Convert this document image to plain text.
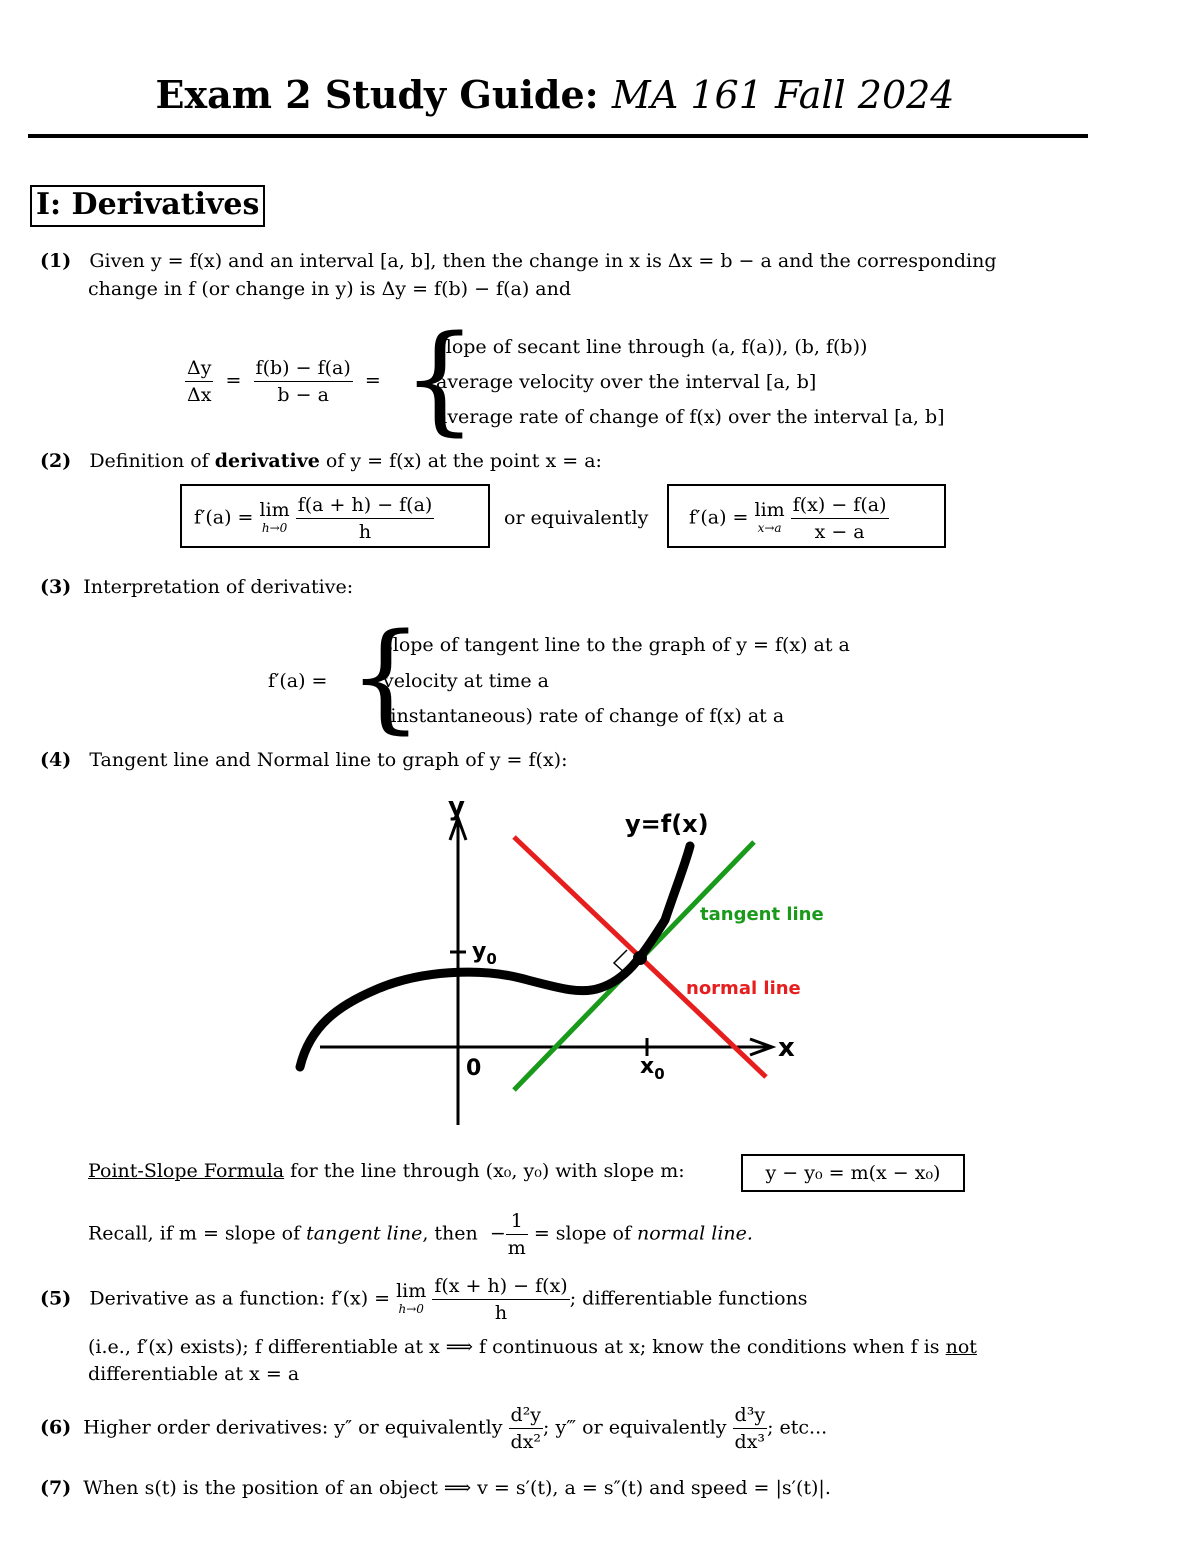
Exam 2 Study Guide: MA 161 Fall 2024
I: Derivatives
(1) Given y = f(x) and an interval [a, b], then the change in x is Δx = b − a and the corresponding
change in f (or change in y) is Δy = f(b) − f(a) and
$\frac{\Delta y}{\Delta x} = \frac{f(b) - f(a)}{b - a}$ = {
slope of secant line through (a, f(a)), (b, f(b))
average velocity over the interval [a, b]
average rate of change of f(x) over the interval [a, b]
(2) Definition of derivative of y = f(x) at the point x = a:
f′(a) = lim
h→0
$\frac{f(a + h) - f(a)}{h}$	or equivalently f′(a) = lim
x→a
$\frac{f(x) - f(a)}{x - a}$
(3) Interpretation of derivative:
f′(a) = {
slope of tangent line to the graph of y = f(x) at a
velocity at time a
(instantaneous) rate of change of f(x) at a
(4) Tangent line and Normal line to graph of y = f(x):
y
x
y=f(x)
tangent line
normal line
0
$y_0$
$x_0$
Point-Slope Formula for the line through (x₀, y₀) with slope m:	y − y₀ = m(x − x₀)
Recall, if m = slope of tangent line, then − $\frac{1}{m}$ = slope of normal line.
(5) Derivative as a function: f′(x) = lim
h→0
$\frac{f(x + h) - f(x)}{h}$ ; differentiable functions
(i.e., f′(x) exists); f differentiable at x ⟹ f continuous at x; know the conditions when f is not
differentiable at x = a
(6) Higher order derivatives: y″ or equivalently $\frac{\text{d²y}}{\text{dx²}}$ ; y‴ or equivalently $\frac{\text{d³y}}{\text{dx³}}$ ; etc...
(7) When s(t) is the position of an object ⟹ v = s′(t), a = s″(t) and speed = |s′(t)|.
